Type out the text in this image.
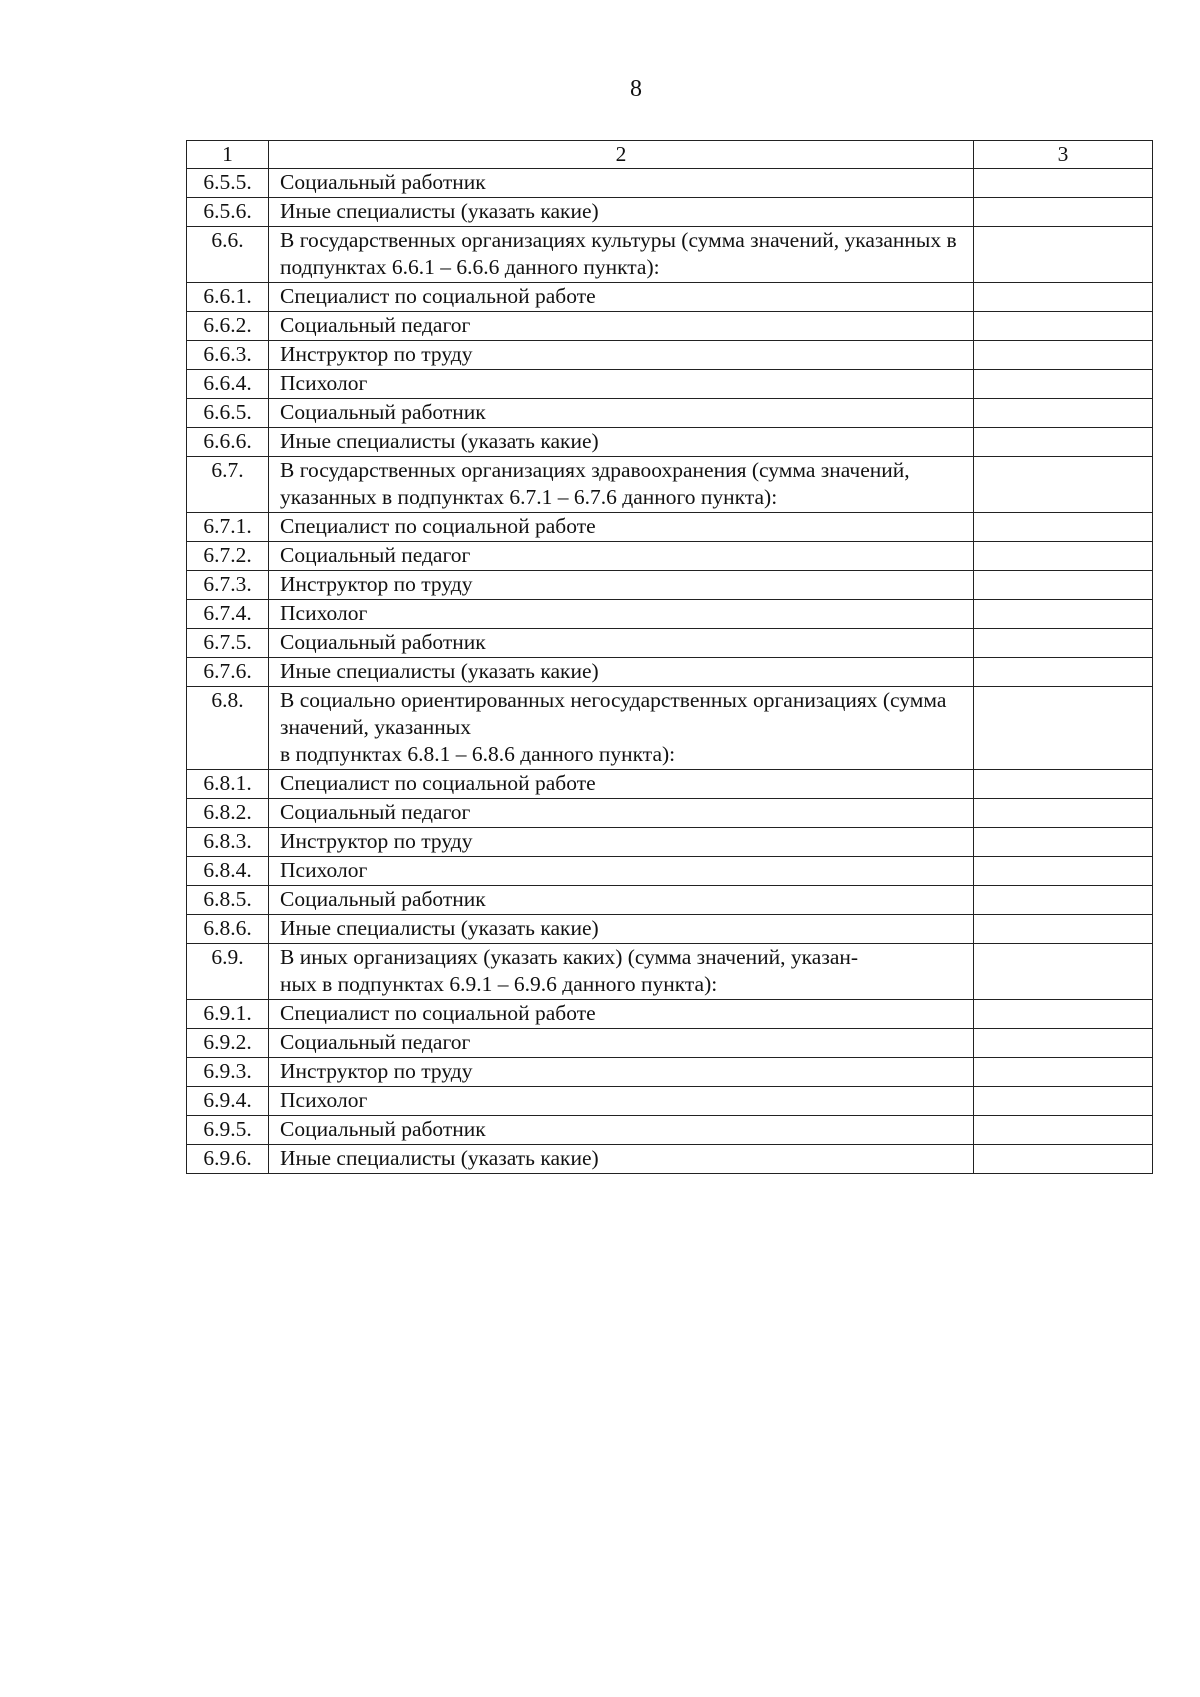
8
1	2	3
6.5.5.	Социальный работник	
6.5.6.	Иные специалисты (указать какие)	
6.6.	В государственных организациях культуры (сумма значений, указанных в подпунктах 6.6.1 – 6.6.6 данного пункта):	
6.6.1.	Специалист по социальной работе	
6.6.2.	Социальный педагог	
6.6.3.	Инструктор по труду	
6.6.4.	Психолог	
6.6.5.	Социальный работник	
6.6.6.	Иные специалисты (указать какие)	
6.7.	В государственных организациях здравоохранения (сумма значений, указанных в подпунктах 6.7.1 – 6.7.6 данного пункта):	
6.7.1.	Специалист по социальной работе	
6.7.2.	Социальный педагог	
6.7.3.	Инструктор по труду	
6.7.4.	Психолог	
6.7.5.	Социальный работник	
6.7.6.	Иные специалисты (указать какие)	
6.8.	В социально ориентированных негосударственных организациях (сумма значений, указанных
в подпунктах 6.8.1 – 6.8.6 данного пункта):	
6.8.1.	Специалист по социальной работе	
6.8.2.	Социальный педагог	
6.8.3.	Инструктор по труду	
6.8.4.	Психолог	
6.8.5.	Социальный работник	
6.8.6.	Иные специалисты (указать какие)	
6.9.	В иных организациях (указать каких) (сумма значений, указан-
ных в подпунктах 6.9.1 – 6.9.6 данного пункта):	
6.9.1.	Специалист по социальной работе	
6.9.2.	Социальный педагог	
6.9.3.	Инструктор по труду	
6.9.4.	Психолог	
6.9.5.	Социальный работник	
6.9.6.	Иные специалисты (указать какие)	
